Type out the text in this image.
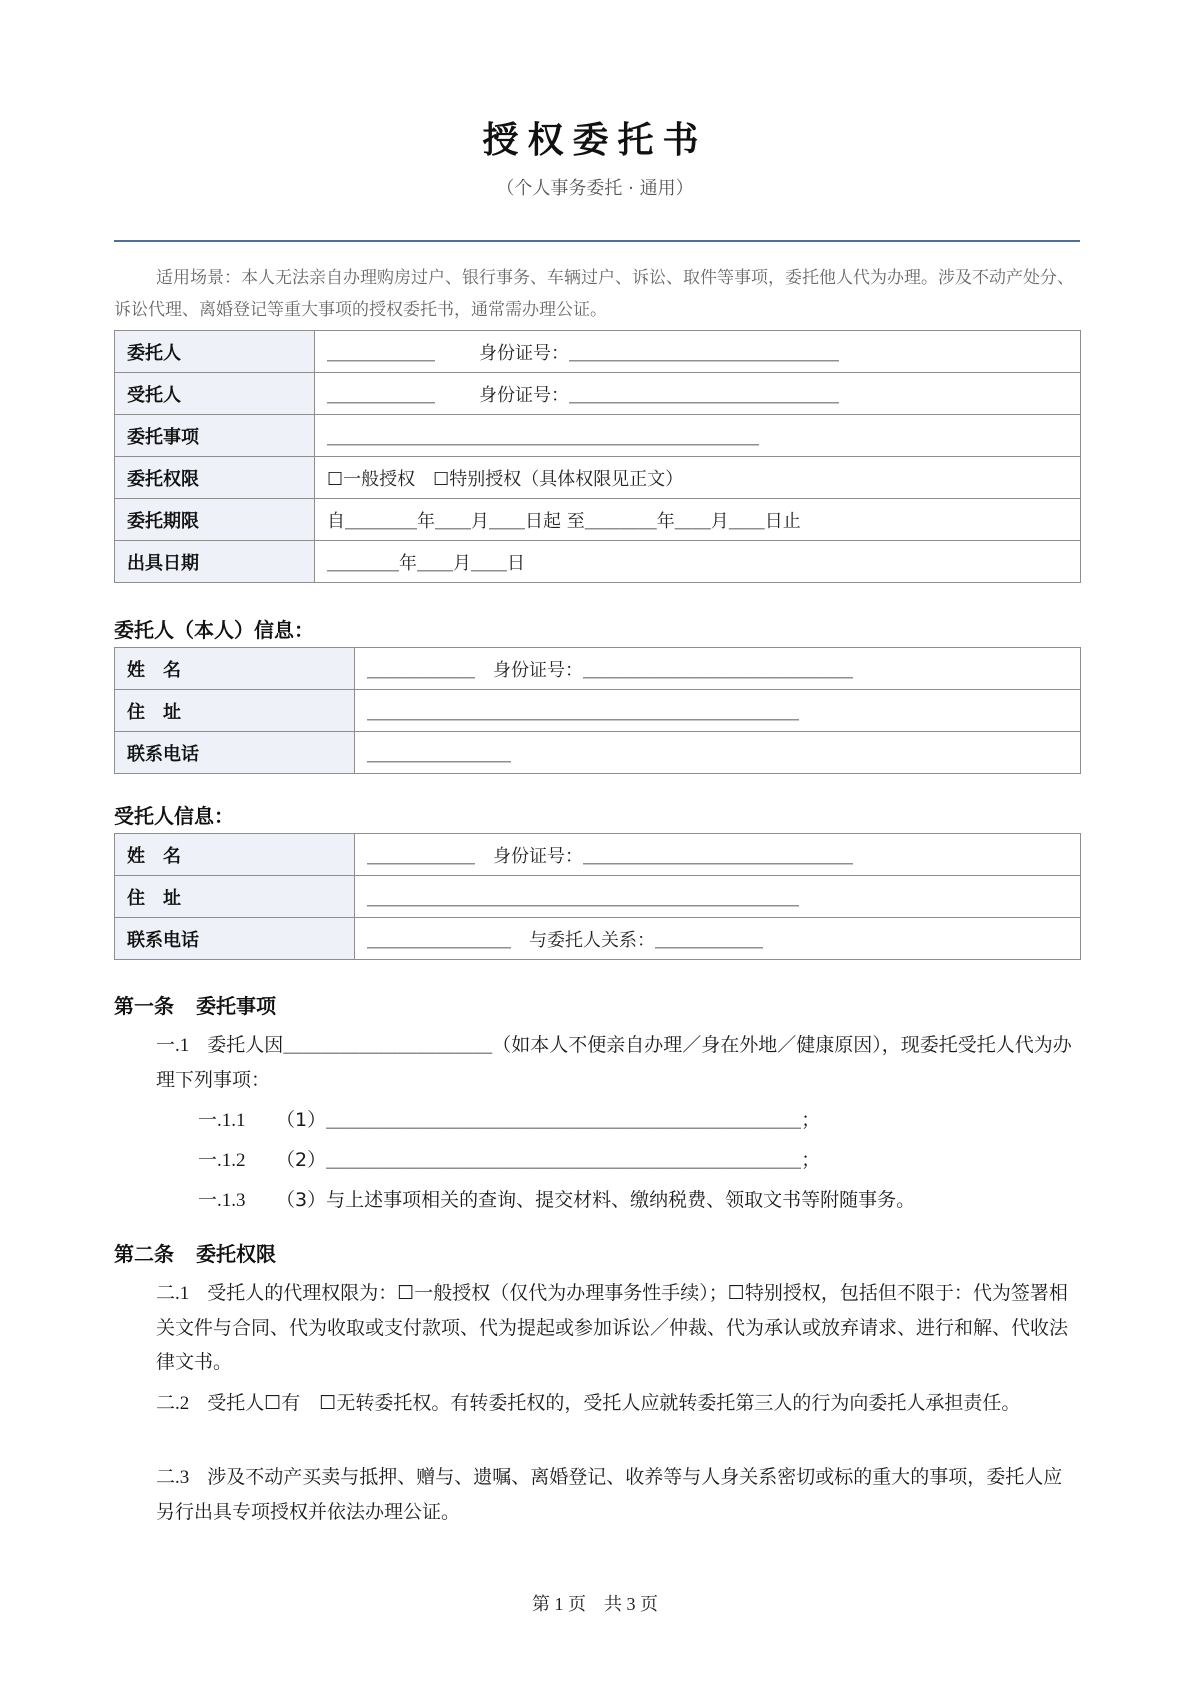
授权委托书
（个人事务委托 · 通用）
适用场景：本人无法亲自办理购房过户、银行事务、车辆过户、诉讼、取件等事项，委托他人代为办理。涉及不动产处分、诉讼代理、离婚登记等重大事项的授权委托书，通常需办理公证。
委托人	＿＿＿＿＿＿ 身份证号：＿＿＿＿＿＿＿＿＿＿＿＿＿＿＿
受托人	＿＿＿＿＿＿ 身份证号：＿＿＿＿＿＿＿＿＿＿＿＿＿＿＿
委托事项	＿＿＿＿＿＿＿＿＿＿＿＿＿＿＿＿＿＿＿＿＿＿＿＿
委托权限	☐一般授权　☐特别授权（具体权限见正文）
委托期限	自＿＿＿＿年＿＿月＿＿日起 至＿＿＿＿年＿＿月＿＿日止
出具日期	＿＿＿＿年＿＿月＿＿日
委托人（本人）信息：
姓　名	＿＿＿＿＿＿ 身份证号：＿＿＿＿＿＿＿＿＿＿＿＿＿＿＿
住　址	＿＿＿＿＿＿＿＿＿＿＿＿＿＿＿＿＿＿＿＿＿＿＿＿
联系电话	＿＿＿＿＿＿＿＿
受托人信息：
姓　名	＿＿＿＿＿＿ 身份证号：＿＿＿＿＿＿＿＿＿＿＿＿＿＿＿
住　址	＿＿＿＿＿＿＿＿＿＿＿＿＿＿＿＿＿＿＿＿＿＿＿＿
联系电话	＿＿＿＿＿＿＿＿ 与委托人关系：＿＿＿＿＿＿
第一条 委托事项
一.1 委托人因＿＿＿＿＿＿＿＿＿＿＿（如本人不便亲自办理／身在外地／健康原因），现委托受托人代为办理下列事项：
一.1.1 （1）＿＿＿＿＿＿＿＿＿＿＿＿＿＿＿＿＿＿＿＿＿＿＿＿＿；
一.1.2 （2）＿＿＿＿＿＿＿＿＿＿＿＿＿＿＿＿＿＿＿＿＿＿＿＿＿；
一.1.3 （3）与上述事项相关的查询、提交材料、缴纳税费、领取文书等附随事务。
第二条 委托权限
二.1 受托人的代理权限为：☐一般授权（仅代为办理事务性手续）；☐特别授权，包括但不限于：代为签署相关文件与合同、代为收取或支付款项、代为提起或参加诉讼／仲裁、代为承认或放弃请求、进行和解、代收法律文书。
二.2 受托人☐有　☐无转委托权。有转委托权的，受托人应就转委托第三人的行为向委托人承担责任。
二.3 涉及不动产买卖与抵押、赠与、遗嘱、离婚登记、收养等与人身关系密切或标的重大的事项，委托人应另行出具专项授权并依法办理公证。
第 1 页 共 3 页
